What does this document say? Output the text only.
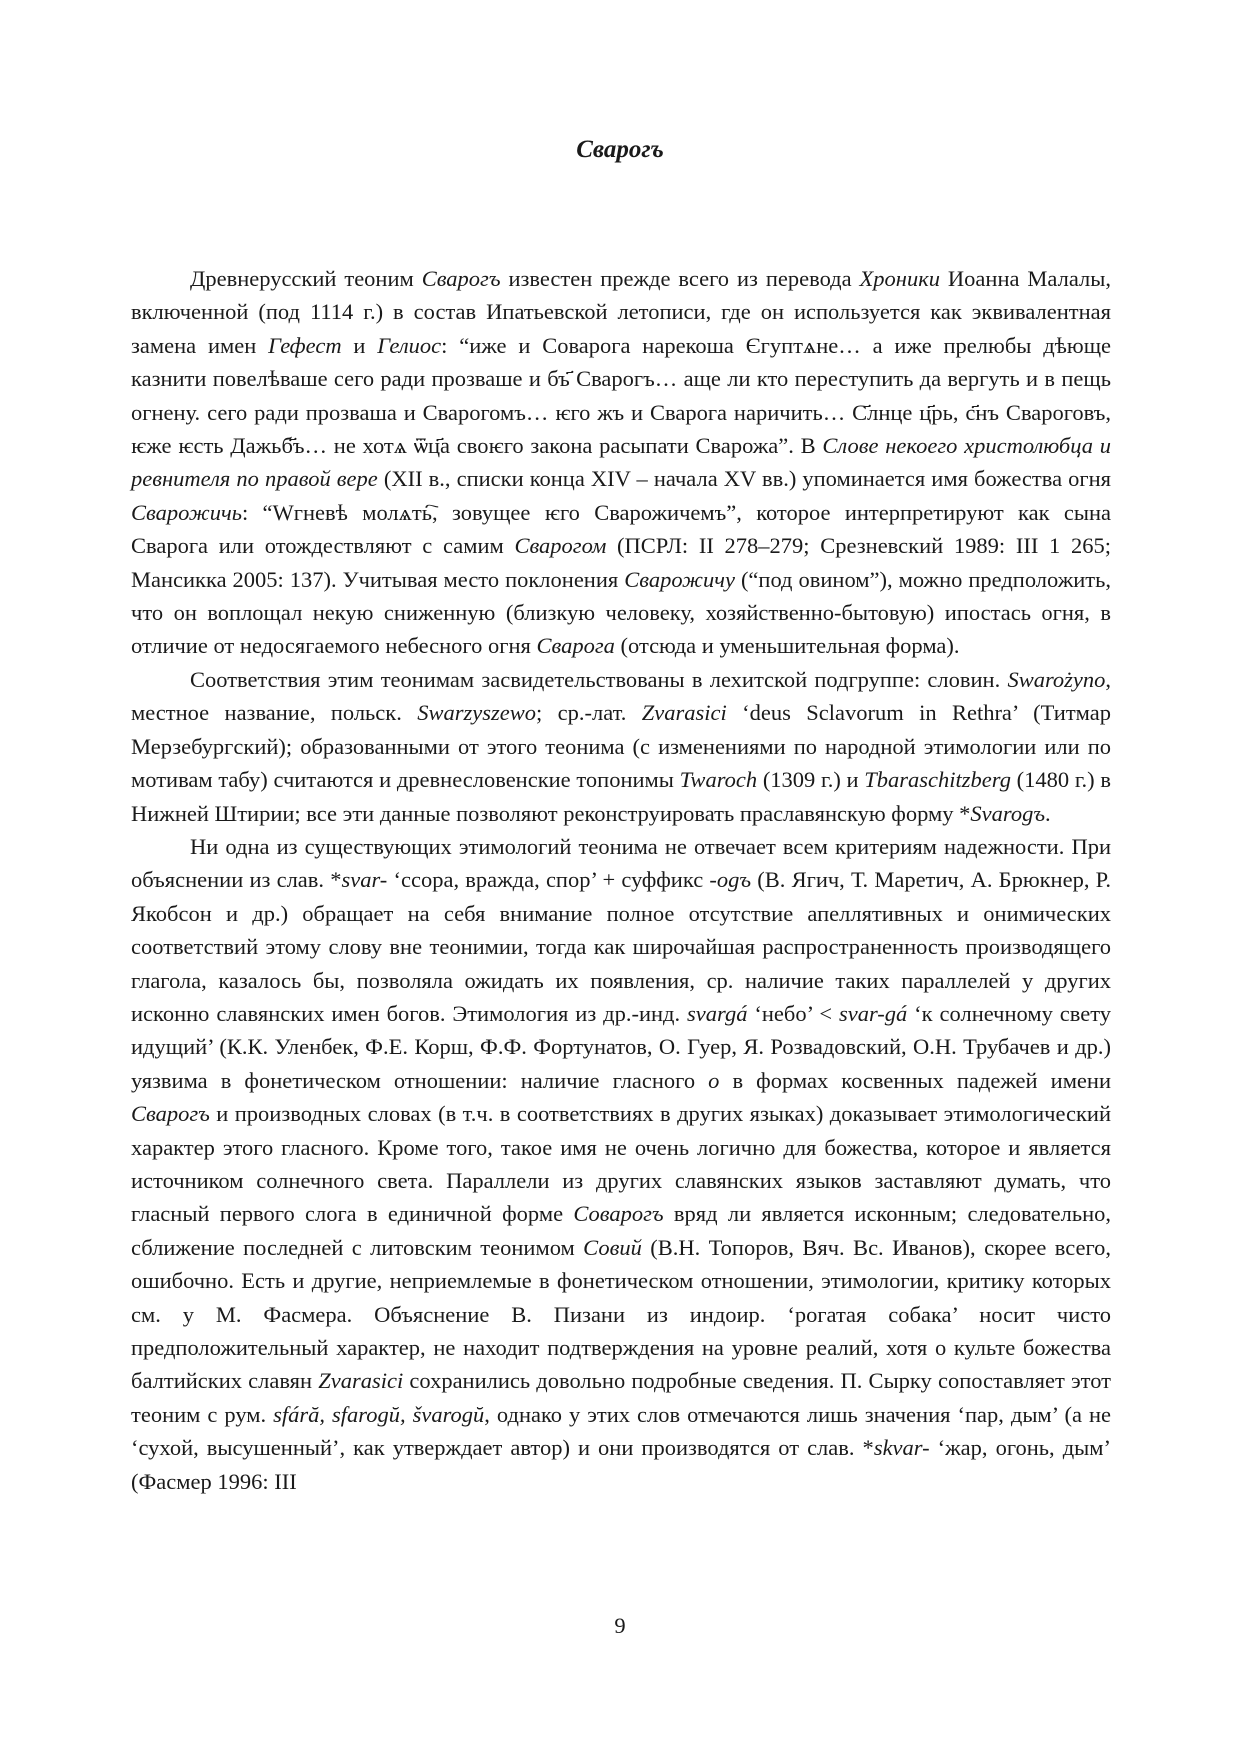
Сварогъ

Древнерусский теоним Сварогъ известен прежде всего из перевода Хроники Иоанна Малалы, включенной (под 1114 г.) в состав Ипатьевской летописи, где он используется как эквивалентная замена имен Гефест и Гелиос: “иже и Соварога нарекоша Єгуптѧне… а иже прелюбы дѣюще казнити повелѣваше сего ради прозваше и бъ҃ Сварогъ… аще ли кто переступить да вергуть и в пещь огнену. сего ради прозваша и Сварогомъ… ѥго жъ и Сварога наричить… С҃лнце ц҃рь, с҃нъ Свароговъ, ѥже ѥсть Дажьб҃ъ… не хотѧ ѿц҃а своѥго закона расыпати Сварожа”. В Слове некоего христолюбца и ревнителя по правой вере (XII в., списки конца XIV – начала XV вв.) упоминается имя божества огня Сварожичь: “Wгневѣ молѧть҇, зовущее ѥго Сварожичемъ”, которое интерпретируют как сына Сварога или отождествляют с самим Сварогом (ПСРЛ: II 278–279; Срезневский 1989: III 1 265; Мансикка 2005: 137). Учитывая место поклонения Сварожичу (“под овином”), можно предположить, что он воплощал некую сниженную (близкую человеку, хозяйственно-бытовую) ипостась огня, в отличие от недосягаемого небесного огня Сварога (отсюда и уменьшительная форма).

Соответствия этим теонимам засвидетельствованы в лехитской подгруппе: словин. Swarożyno, местное название, польск. Swarzyszewo; ср.-лат. Zvarasici ‘deus Sclavorum in Rethra’ (Титмар Мерзебургский); образованными от этого теонима (с изменениями по народной этимологии или по мотивам табу) считаются и древнесловенские топонимы Twaroch (1309 г.) и Tbaraschitzberg (1480 г.) в Нижней Штирии; все эти данные позволяют реконструировать праславянскую форму *Svarogъ.

Ни одна из существующих этимологий теонима не отвечает всем критериям надежности. При объяснении из слав. *svar- ‘ссора, вражда, спор’ + суффикс -ogъ (В. Ягич, Т. Маретич, А. Брюкнер, Р. Якобсон и др.) обращает на себя внимание полное отсутствие апеллятивных и онимических соответствий этому слову вне теонимии, тогда как широчайшая распространенность производящего глагола, казалось бы, позволяла ожидать их появления, ср. наличие таких параллелей у других исконно славянских имен богов. Этимология из др.-инд. svargá ‘небо’ < svar-gá ‘к солнечному свету идущий’ (К.К. Уленбек, Ф.Е. Корш, Ф.Ф. Фортунатов, О. Гуер, Я. Розвадовский, О.Н. Трубачев и др.) уязвима в фонетическом отношении: наличие гласного o в формах косвенных падежей имени Сварогъ и производных словах (в т.ч. в соответствиях в других языках) доказывает этимологический характер этого гласного. Кроме того, такое имя не очень логично для божества, которое и является источником солнечного света. Параллели из других славянских языков заставляют думать, что гласный первого слога в единичной форме Соварогъ вряд ли является исконным; следовательно, сближение последней с литовским теонимом Совий (В.Н. Топоров, Вяч. Вс. Иванов), скорее всего, ошибочно. Есть и другие, неприемлемые в фонетическом отношении, этимологии, критику которых см. у М. Фасмера. Объяснение В. Пизани из индоир. ‘рогатая собака’ носит чисто предположительный характер, не находит подтверждения на уровне реалий, хотя о культе божества балтийских славян Zvarasici сохранились довольно подробные сведения. П. Сырку сопоставляет этот теоним с рум. sfáră, sfarogŭ, švarogŭ, однако у этих слов отмечаются лишь значения ‘пар, дым’ (а не ‘сухой, высушенный’, как утверждает автор) и они производятся от слав. *skvar- ‘жар, огонь, дым’ (Фасмер 1996: III

9
